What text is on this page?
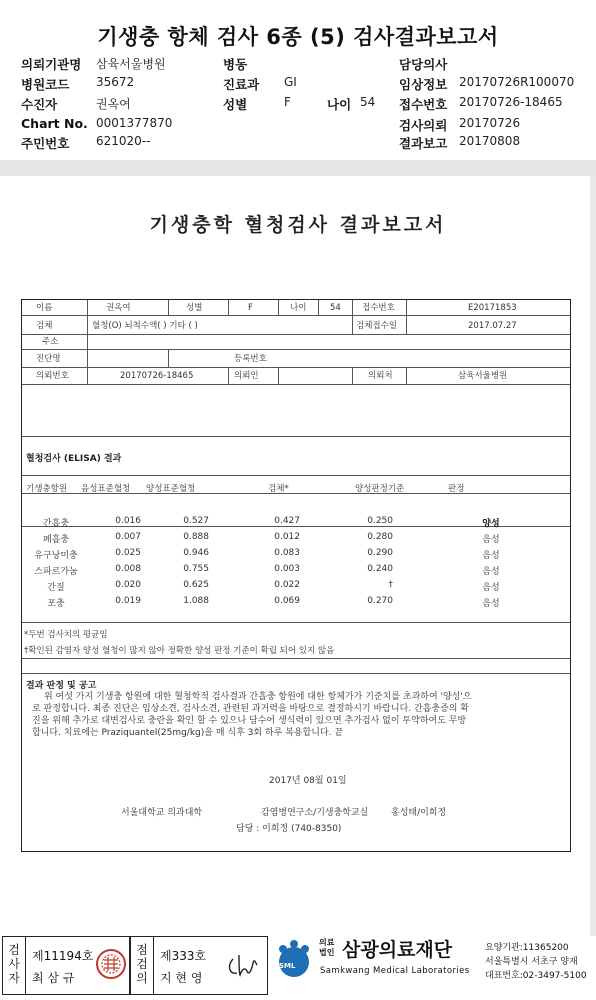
기생충 항체 검사 6종 (5) 검사결과보고서
의뢰기관명 삼육서울병원	병동	담당의사
병원코드 35672	진료과 GI	임상정보 20170726R100070
수진자	권옥여	성별	F	나이 54 접수번호 20170726-18465
Chart No. 0001377870	검사의뢰 20170726
주민번호 621020--	결과보고 20170808
기생충학 혈청검사 결과보고서
이름	권옥여	성별	F	나이	54 접수번호	E20171853
검체	혈청(O) 뇌척수액( ) 기타 ( )	검체접수일	2017.07.27
주소
진단명	등록번호
의뢰번호	20170726-18465	의뢰인	의뢰처	삼육서울병원
혈청검사 (ELISA) 결과
기생충항원 음성표준혈청 양성표준혈청	검체*	양성판정기준	판정
간흡충	0.016	0.527	0.427	0.250	양성
폐흡충	0.007	0.888	0.012	0.280	음성
유구낭미충	0.025	0.946	0.083	0.290	음성
스파르가눔	0.008	0.755	0.003	0.240	음성
간질	0.020	0.625	0.022	†	음성
포충	0.019	1.088	0.069	0.270	음성
*두번 검사치의 평균임
†확인된 감염자 양성 혈청이 많지 않아 정확한 양성 판정 기준이 확립 되어 있지 않음
결과 판정 및 공고
위 여섯 가지 기생충 항원에 대한 혈청학적 검사결과 간흡충 항원에 대한 항체가가 기준치를 초과하여 '양성'으
로 판정합니다. 최종 진단은 임상소견, 검사소견, 관련된 과거력을 바탕으로 결정하시기 바랍니다. 간흡충증의 확
진을 위해 추가로 대변검사로 충란을 확인 할 수 있으나 담수어 생식력이 있으면 추가검사 없이 투약하여도 무방
합니다. 치료에는 Praziquantel(25mg/kg)을 매 식후 3회 하루 복용합니다. 끝
2017년 08월 01일
서울대학교 의과대학	감염병연구소/기생충학교실	홍성태/이희정
담당 : 이희정 (740-8350)
검사자
제11194호
최 삼 규
점검의
제333호
지 현 영
SML
의료법인 삼광의료재단
Samkwang Medical Laboratories
요양기관:11365200
서울특별시 서초구 양재
대표번호:02-3497-5100
